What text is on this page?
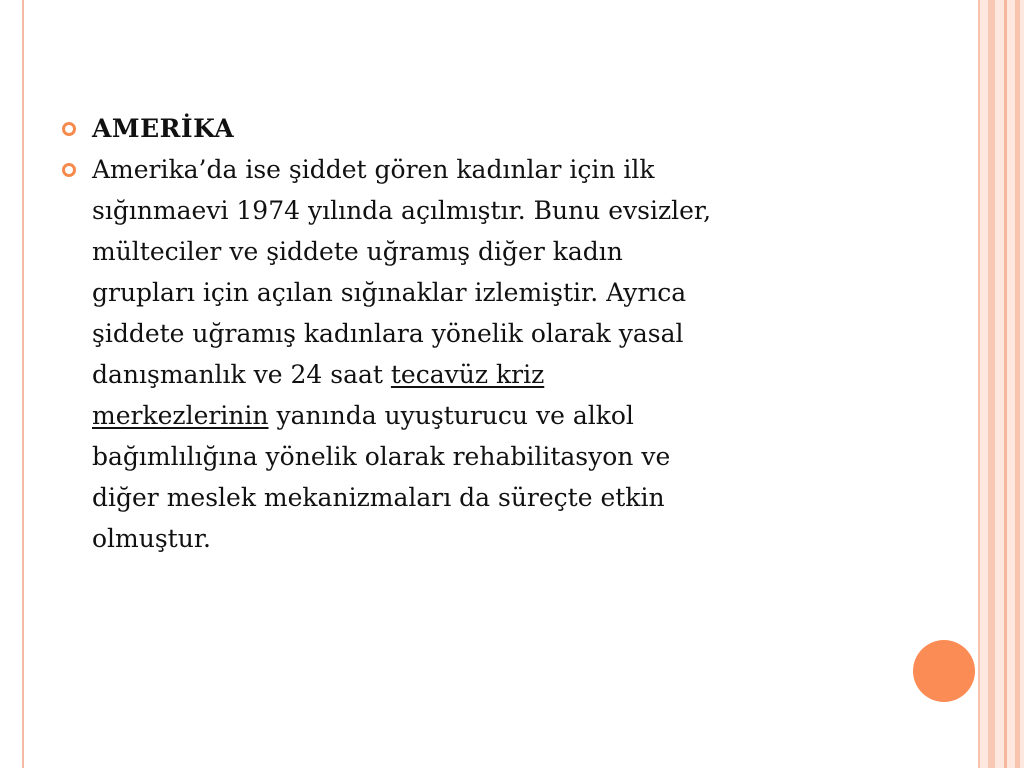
AMERİKA
Amerika’da ise şiddet gören kadınlar için ilk
sığınmaevi 1974 yılında açılmıştır. Bunu evsizler,
mülteciler ve şiddete uğramış diğer kadın
grupları için açılan sığınaklar izlemiştir. Ayrıca
şiddete uğramış kadınlara yönelik olarak yasal
danışmanlık ve 24 saat tecavüz kriz
merkezlerinin yanında uyuşturucu ve alkol
bağımlılığına yönelik olarak rehabilitasyon ve
diğer meslek mekanizmaları da süreçte etkin
olmuştur.
